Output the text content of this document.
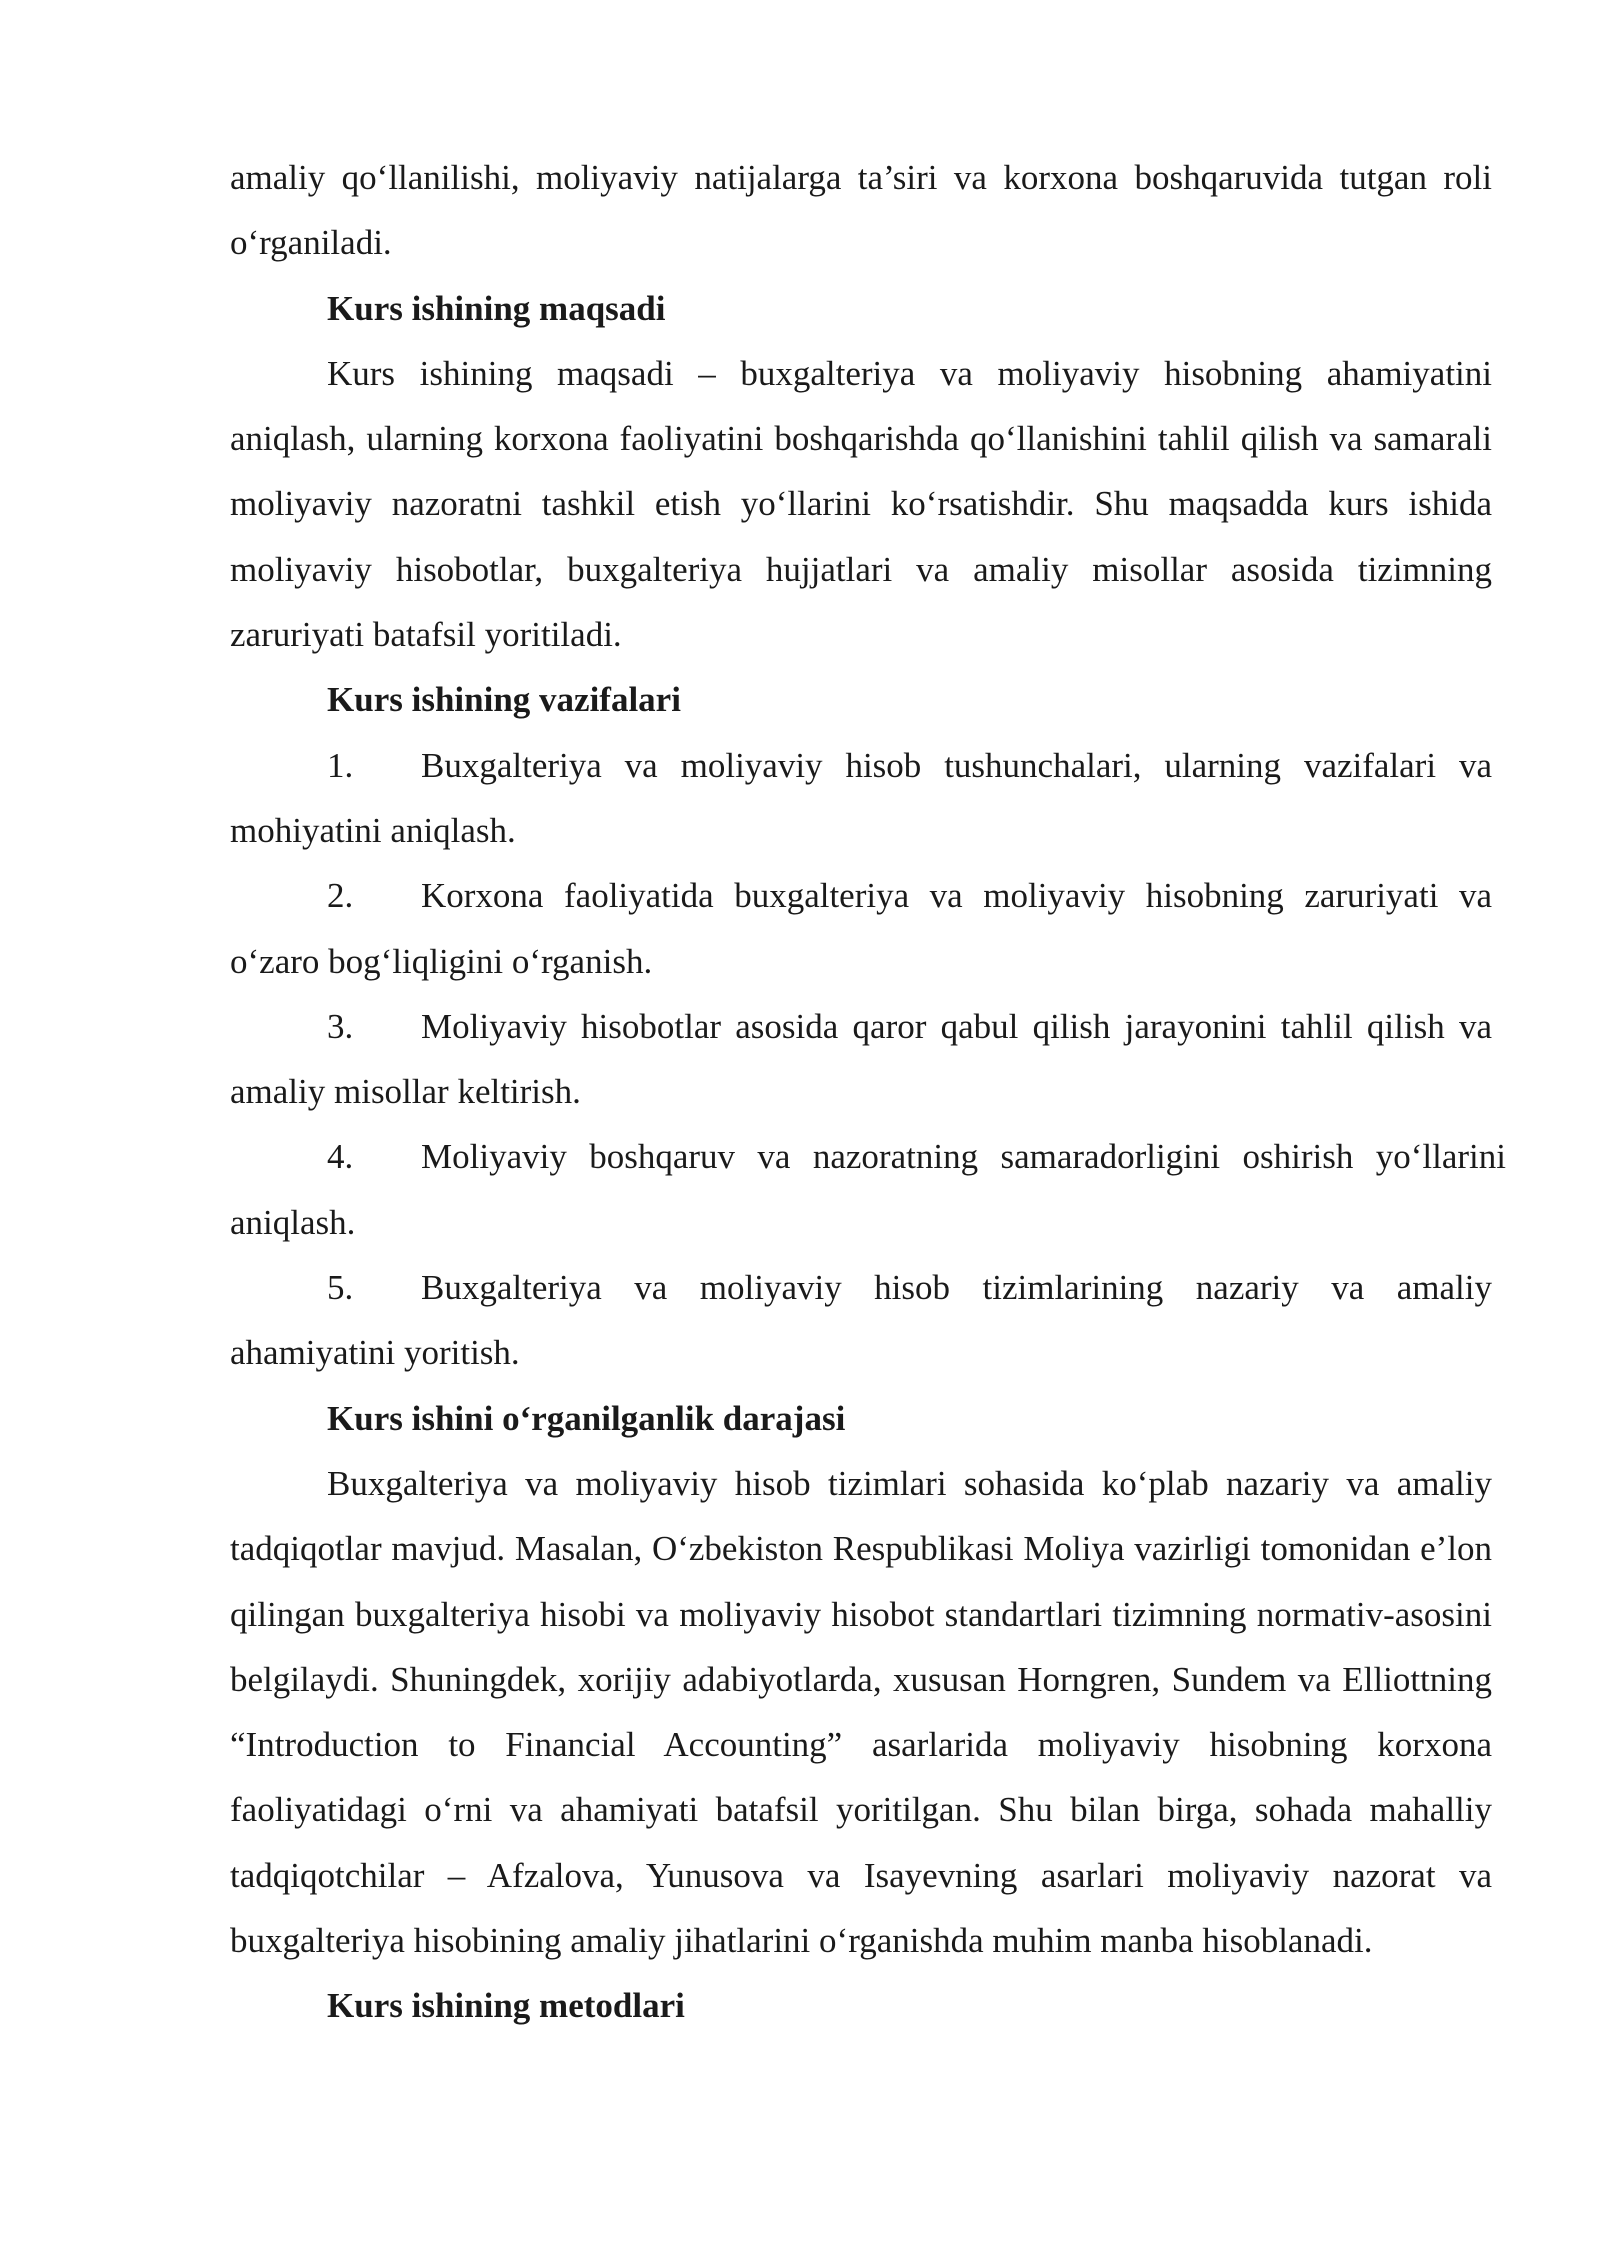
amaliy qo‘llanilishi, moliyaviy natijalarga ta’siri va korxona boshqaruvida tutgan roli o‘rganiladi.

Kurs ishining maqsadi

Kurs ishining maqsadi – buxgalteriya va moliyaviy hisobning ahamiyatini aniqlash, ularning korxona faoliyatini boshqarishda qo‘llanishini tahlil qilish va samarali moliyaviy nazoratni tashkil etish yo‘llarini ko‘rsatishdir. Shu maqsadda kurs ishida moliyaviy hisobotlar, buxgalteriya hujjatlari va amaliy misollar asosida tizimning zaruriyati batafsil yoritiladi.

Kurs ishining vazifalari

1. Buxgalteriya va moliyaviy hisob tushunchalari, ularning vazifalari va mohiyatini aniqlash.

2. Korxona faoliyatida buxgalteriya va moliyaviy hisobning zaruriyati va o‘zaro bog‘liqligini o‘rganish.

3. Moliyaviy hisobotlar asosida qaror qabul qilish jarayonini tahlil qilish va amaliy misollar keltirish.

4. Moliyaviy boshqaruv va nazoratning samaradorligini oshirish yo‘llarini aniqlash.

5. Buxgalteriya va moliyaviy hisob tizimlarining nazariy va amaliy ahamiyatini yoritish.

Kurs ishini o‘rganilganlik darajasi

Buxgalteriya va moliyaviy hisob tizimlari sohasida ko‘plab nazariy va amaliy tadqiqotlar mavjud. Masalan, O‘zbekiston Respublikasi Moliya vazirligi tomonidan e’lon qilingan buxgalteriya hisobi va moliyaviy hisobot standartlari tizimning normativ-asosini belgilaydi. Shuningdek, xorijiy adabiyotlarda, xususan Horngren, Sundem va Elliottning “Introduction to Financial Accounting” asarlarida moliyaviy hisobning korxona faoliyatidagi o‘rni va ahamiyati batafsil yoritilgan. Shu bilan birga, sohada mahalliy tadqiqotchilar – Afzalova, Yunusova va Isayevning asarlari moliyaviy nazorat va buxgalteriya hisobining amaliy jihatlarini o‘rganishda muhim manba hisoblanadi.

Kurs ishining metodlari
